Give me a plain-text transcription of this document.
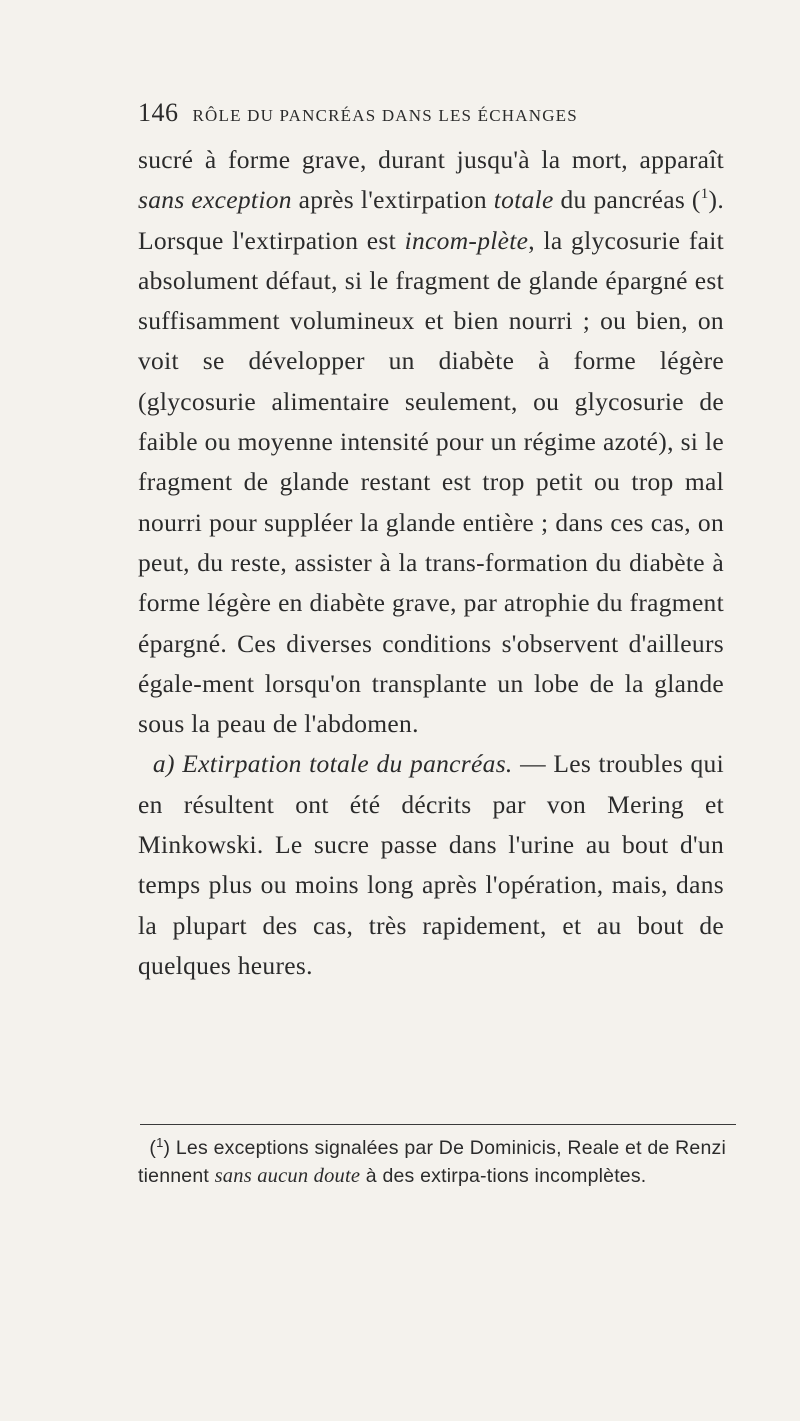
146 RÔLE DU PANCRÉAS DANS LES ÉCHANGES

sucré à forme grave, durant jusqu'à la mort, apparaît sans exception après l'extirpation totale du pancréas ($^1$). Lorsque l'extirpation est incom-plète, la glycosurie fait absolument défaut, si le fragment de glande épargné est suffisamment volumineux et bien nourri ; ou bien, on voit se développer un diabète à forme légère (glycosurie alimentaire seulement, ou glycosurie de faible ou moyenne intensité pour un régime azoté), si le fragment de glande restant est trop petit ou trop mal nourri pour suppléer la glande entière ; dans ces cas, on peut, du reste, assister à la trans-formation du diabète à forme légère en diabète grave, par atrophie du fragment épargné. Ces diverses conditions s'observent d'ailleurs égale-ment lorsqu'on transplante un lobe de la glande sous la peau de l'abdomen.

a) Extirpation totale du pancréas. — Les troubles qui en résultent ont été décrits par von Mering et Minkowski. Le sucre passe dans l'urine au bout d'un temps plus ou moins long après l'opération, mais, dans la plupart des cas, très rapidement, et au bout de quelques heures.

($^1$) Les exceptions signalées par De Dominicis, Reale et de Renzi tiennent sans aucun doute à des extirpa-tions incomplètes.
